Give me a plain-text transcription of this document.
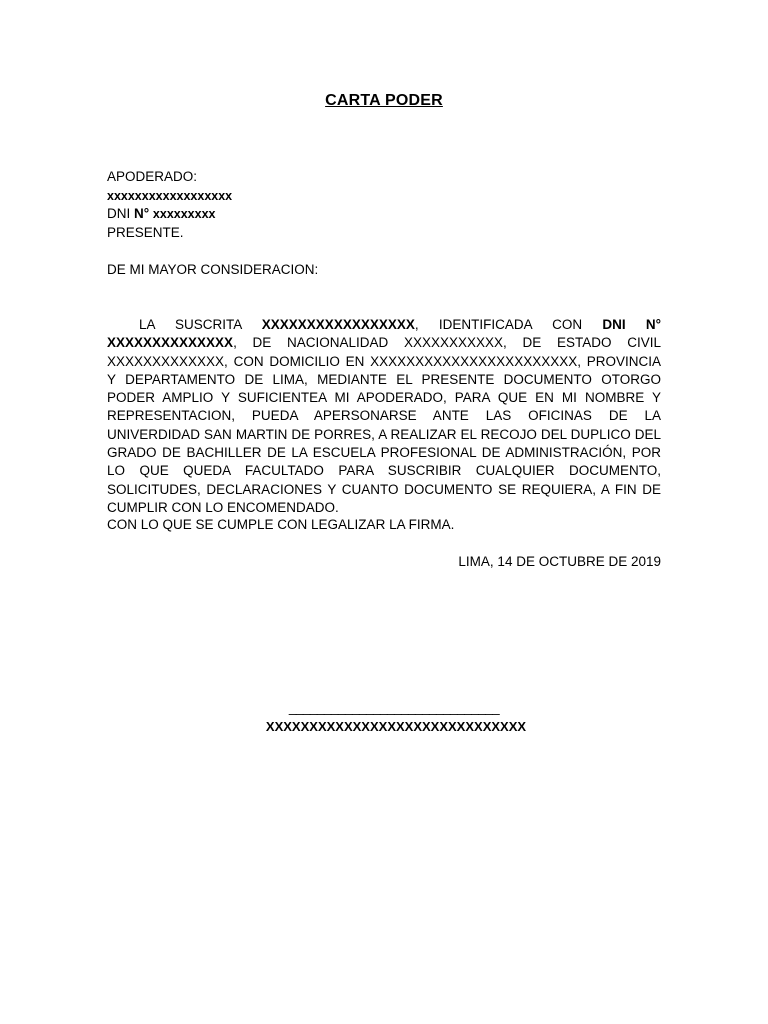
CARTA PODER
APODERADO:
xxxxxxxxxxxxxxxxxx
DNI N° xxxxxxxxx
PRESENTE.
DE MI MAYOR CONSIDERACION:
LA SUSCRITA XXXXXXXXXXXXXXXXX, IDENTIFICADA CON DNI N° XXXXXXXXXXXXXX, DE NACIONALIDAD XXXXXXXXXXX, DE ESTADO CIVIL XXXXXXXXXXXXX, CON DOMICILIO EN XXXXXXXXXXXXXXXXXXXXXXX, PROVINCIA Y DEPARTAMENTO DE LIMA, MEDIANTE EL PRESENTE DOCUMENTO OTORGO PODER AMPLIO Y SUFICIENTEA MI APODERADO, PARA QUE EN MI NOMBRE Y REPRESENTACION, PUEDA APERSONARSE ANTE LAS OFICINAS DE LA UNIVERDIDAD SAN MARTIN DE PORRES, A REALIZAR EL RECOJO DEL DUPLICO DEL GRADO DE BACHILLER DE LA ESCUELA PROFESIONAL DE ADMINISTRACIÓN, POR LO QUE QUEDA FACULTADO PARA SUSCRIBIR CUALQUIER DOCUMENTO, SOLICITUDES, DECLARACIONES Y CUANTO DOCUMENTO SE REQUIERA, A FIN DE CUMPLIR CON LO ENCOMENDADO.
CON LO QUE SE CUMPLE CON LEGALIZAR LA FIRMA.
LIMA, 14 DE OCTUBRE DE 2019
______________________________
XXXXXXXXXXXXXXXXXXXXXXXXXXXXXX
